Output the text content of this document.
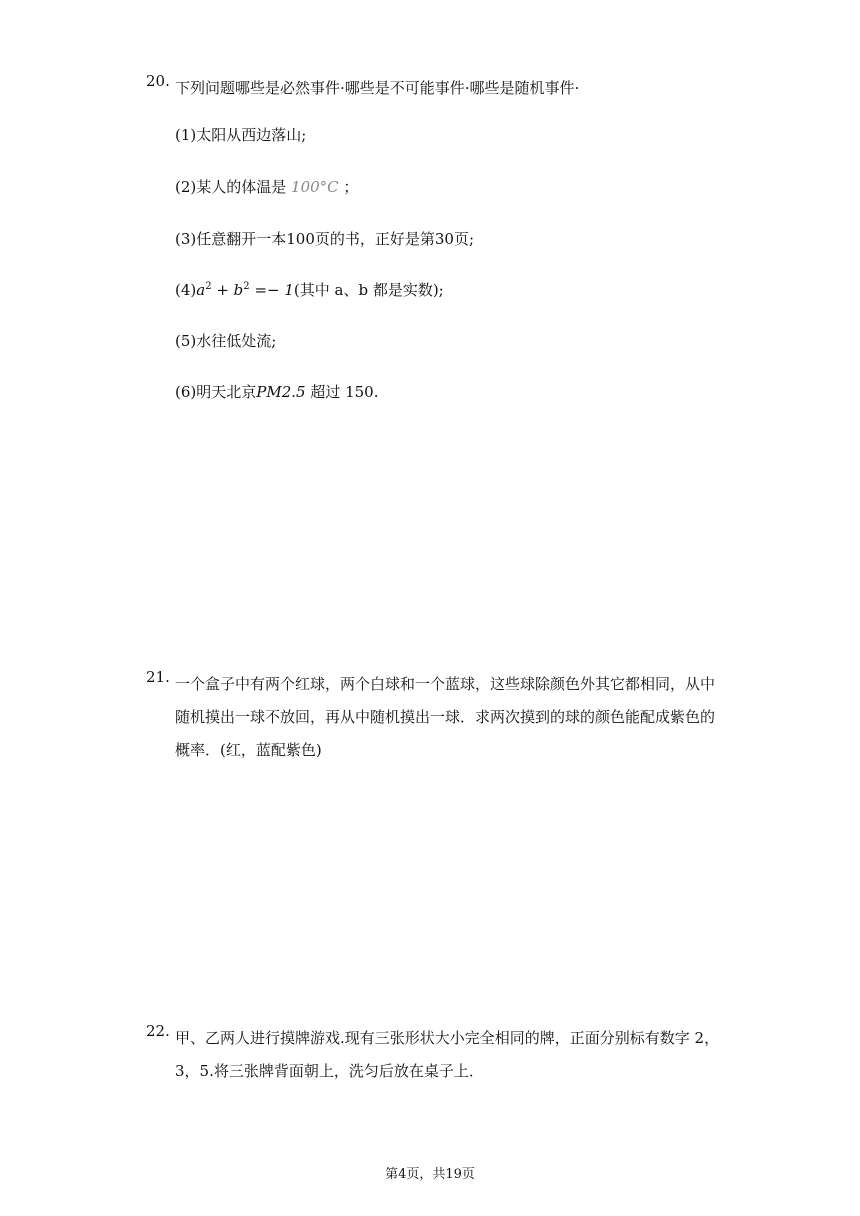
20. 下列问题哪些是必然事件·哪些是不可能事件·哪些是随机事件·
(1)太阳从西边落山;
(2)某人的体温是 100°C ；
(3)任意翻开一本100页的书，正好是第30页;
$(4)a^2 + b^2 =- 1$(其中 a、b 都是实数);
(5)水往低处流;
(6)明天北京PM2.5 超过 150.
21. 一个盒子中有两个红球，两个白球和一个蓝球，这些球除颜色外其它都相同，从中
随机摸出一球不放回，再从中随机摸出一球．求两次摸到的球的颜色能配成紫色的
概率．(红，蓝配紫色)
22. 甲、乙两人进行摸牌游戏.现有三张形状大小完全相同的牌，正面分别标有数字 2，
3，5.将三张牌背面朝上，洗匀后放在桌子上．
第4页，共19页
